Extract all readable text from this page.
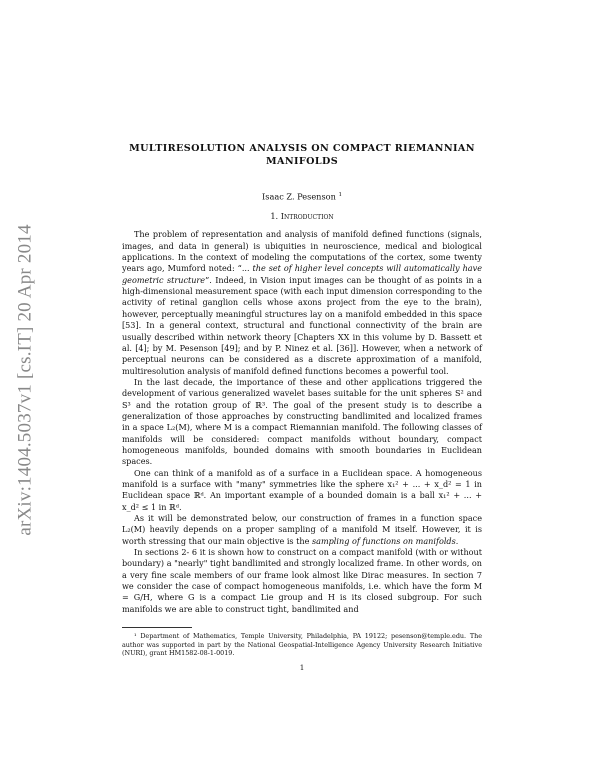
arXiv:1404.5037v1 [cs.IT] 20 Apr 2014
MULTIRESOLUTION ANALYSIS ON COMPACT RIEMANNIAN MANIFOLDS
Isaac Z. Pesenson $^1$
1. Introduction

The problem of representation and analysis of manifold defined functions (signals, images, and data in general) is ubiquities in neuroscience, medical and biological applications. In the context of modeling the computations of the cortex, some twenty years ago, Mumford noted: “... the set of higher level concepts will automatically have geometric structure”. Indeed, in Vision input images can be thought of as points in a high-dimensional measurement space (with each input dimension corresponding to the activity of retinal ganglion cells whose axons project from the eye to the brain), however, perceptually meaningful structures lay on a manifold embedded in this space [53]. In a general context, structural and functional connectivity of the brain are usually described within network theory [Chapters XX in this volume by D. Bassett et al. [4]; by M. Pesenson [49]; and by P. Ninez et al. [36]]. However, when a network of perceptual neurons can be considered as a discrete approximation of a manifold, multiresolution analysis of manifold defined functions becomes a powerful tool.

In the last decade, the importance of these and other applications triggered the development of various generalized wavelet bases suitable for the unit spheres S² and S³ and the rotation group of ℝ³. The goal of the present study is to describe a generalization of those approaches by constructing bandlimited and localized frames in a space L₂(M), where M is a compact Riemannian manifold. The following classes of manifolds will be considered: compact manifolds without boundary, compact homogeneous manifolds, bounded domains with smooth boundaries in Euclidean spaces.

One can think of a manifold as of a surface in a Euclidean space. A homogeneous manifold is a surface with "many" symmetries like the sphere x₁² + ... + x_d² = 1 in Euclidean space ℝᵈ. An important example of a bounded domain is a ball x₁² + ... + x_d² ≤ 1 in ℝᵈ.

As it will be demonstrated below, our construction of frames in a function space L₂(M) heavily depends on a proper sampling of a manifold M itself. However, it is worth stressing that our main objective is the sampling of functions on manifolds.

In sections 2- 6 it is shown how to construct on a compact manifold (with or without boundary) a "nearly" tight bandlimited and strongly localized frame. In other words, on a very fine scale members of our frame look almost like Dirac measures. In section 7 we consider the case of compact homogeneous manifolds, i.e. which have the form M = G/H, where G is a compact Lie group and H is its closed subgroup. For such manifolds we are able to construct tight, bandlimited and

¹ Department of Mathematics, Temple University, Philadelphia, PA 19122; pesenson@temple.edu. The author was supported in part by the National Geospatial-Intelligence Agency University Research Initiative (NURI), grant HM1582-08-1-0019.

1
